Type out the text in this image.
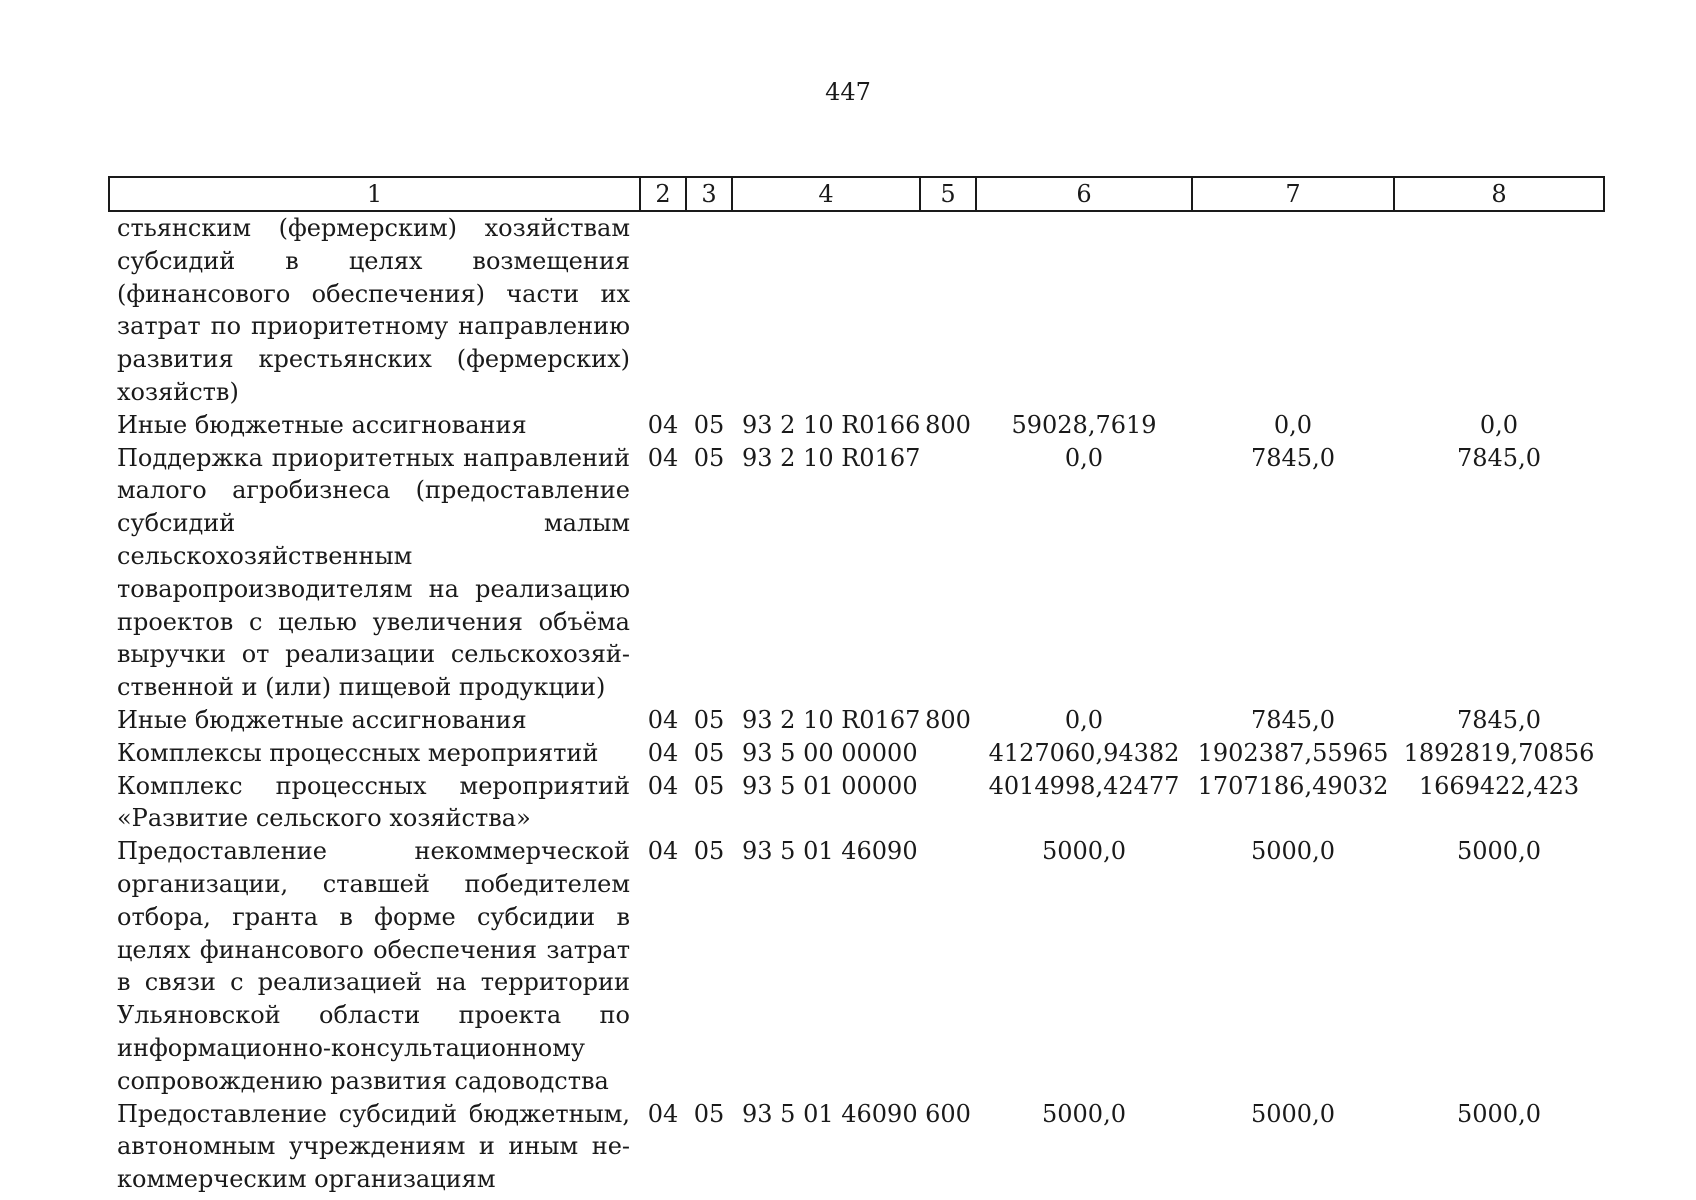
447
1	2	3	4	5	6	7	8
стьянским (фермерским) хозяйствам субсидий в целях возмещения (финансового обеспечения) части их затрат по приоритетному направлению развития крестьянских (фермерских) хозяйств)							
Иные бюджетные ассигнования	04	05	93 2 10 R0166	800	59028,7619	0,0	0,0
Поддержка приоритетных направлений малого агробизнеса (предоставление субсидий малым сельскохозяйственным товаропроизводителям на реализацию проектов с целью увеличения объёма выручки от реализации сельскохозяйственной и (или) пищевой продукции)	04	05	93 2 10 R0167		0,0	7845,0	7845,0
Иные бюджетные ассигнования	04	05	93 2 10 R0167	800	0,0	7845,0	7845,0
Комплексы процессных мероприятий	04	05	93 5 00 00000		4127060,94382	1902387,55965	1892819,70856
Комплекс процессных мероприятий «Развитие сельского хозяйства»	04	05	93 5 01 00000		4014998,42477	1707186,49032	1669422,423
Предоставление некоммерческой организации, ставшей победителем отбора, гранта в форме субсидии в целях финансового обеспечения затрат в связи с реализацией на территории Ульяновской области проекта по информационно-консультационному сопровождению развития садоводства	04	05	93 5 01 46090		5000,0	5000,0	5000,0
Предоставление субсидий бюджетным, автономным учреждениям и иным некоммерческим организациям	04	05	93 5 01 46090	600	5000,0	5000,0	5000,0
